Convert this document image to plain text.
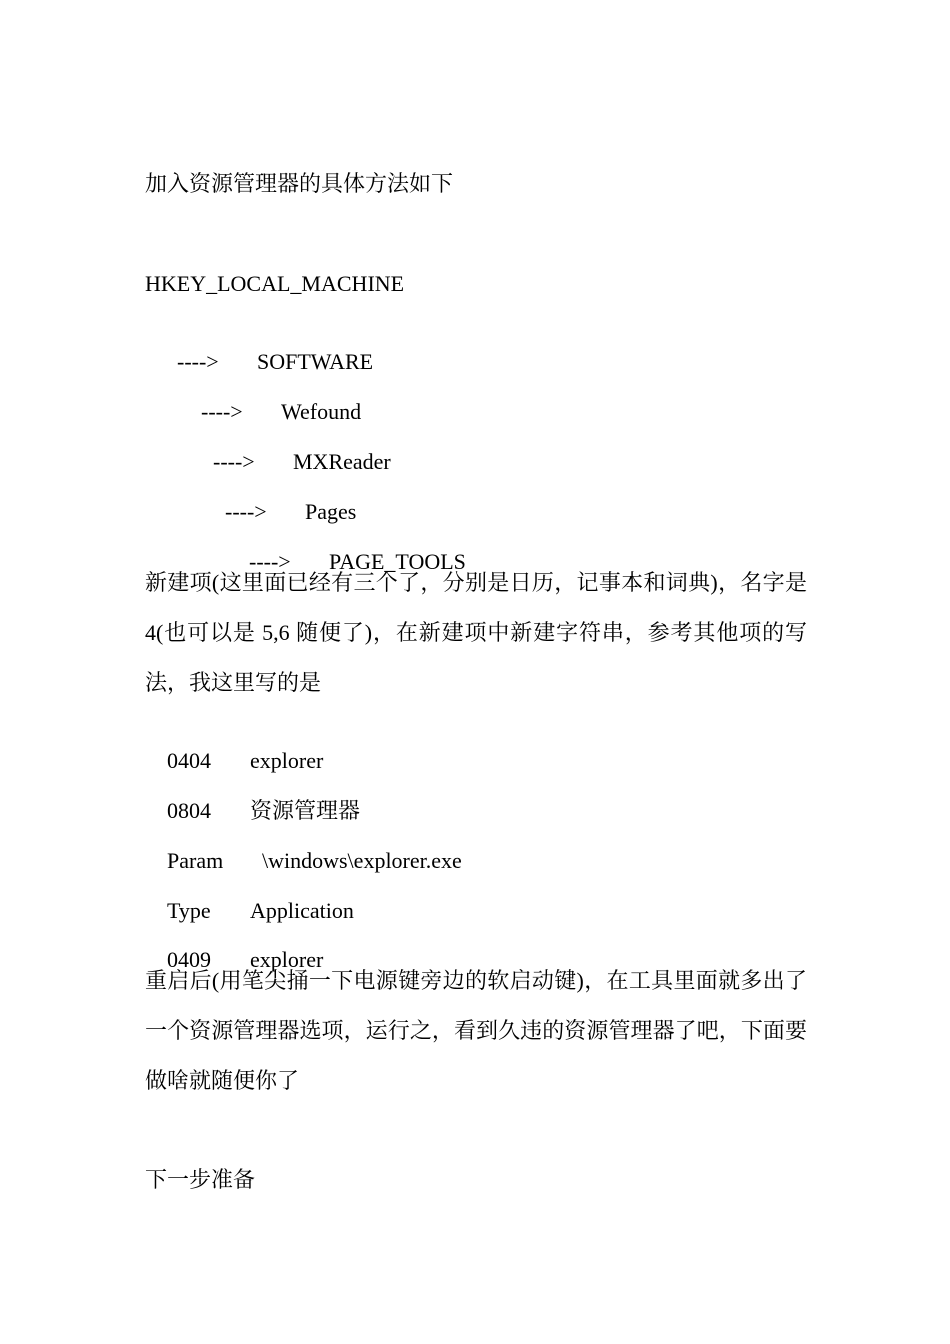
加入资源管理器的具体方法如下
HKEY_LOCAL_MACHINE

----> SOFTWARE

----> Wefound

----> MXReader

----> Pages

----> PAGE_TOOLS

新建项(这里面已经有三个了，分别是日历，记事本和词典)，名字是 4(也可以是 5,6 随便了)，在新建项中新建字符串，参考其他项的写法，我这里写的是

0404 explorer

0804 资源管理器

Param \windows\explorer.exe

Type Application

0409 explorer

重启后(用笔尖捅一下电源键旁边的软启动键)，在工具里面就多出了一个资源管理器选项，运行之，看到久违的资源管理器了吧，下面要做啥就随便你了
下一步准备
